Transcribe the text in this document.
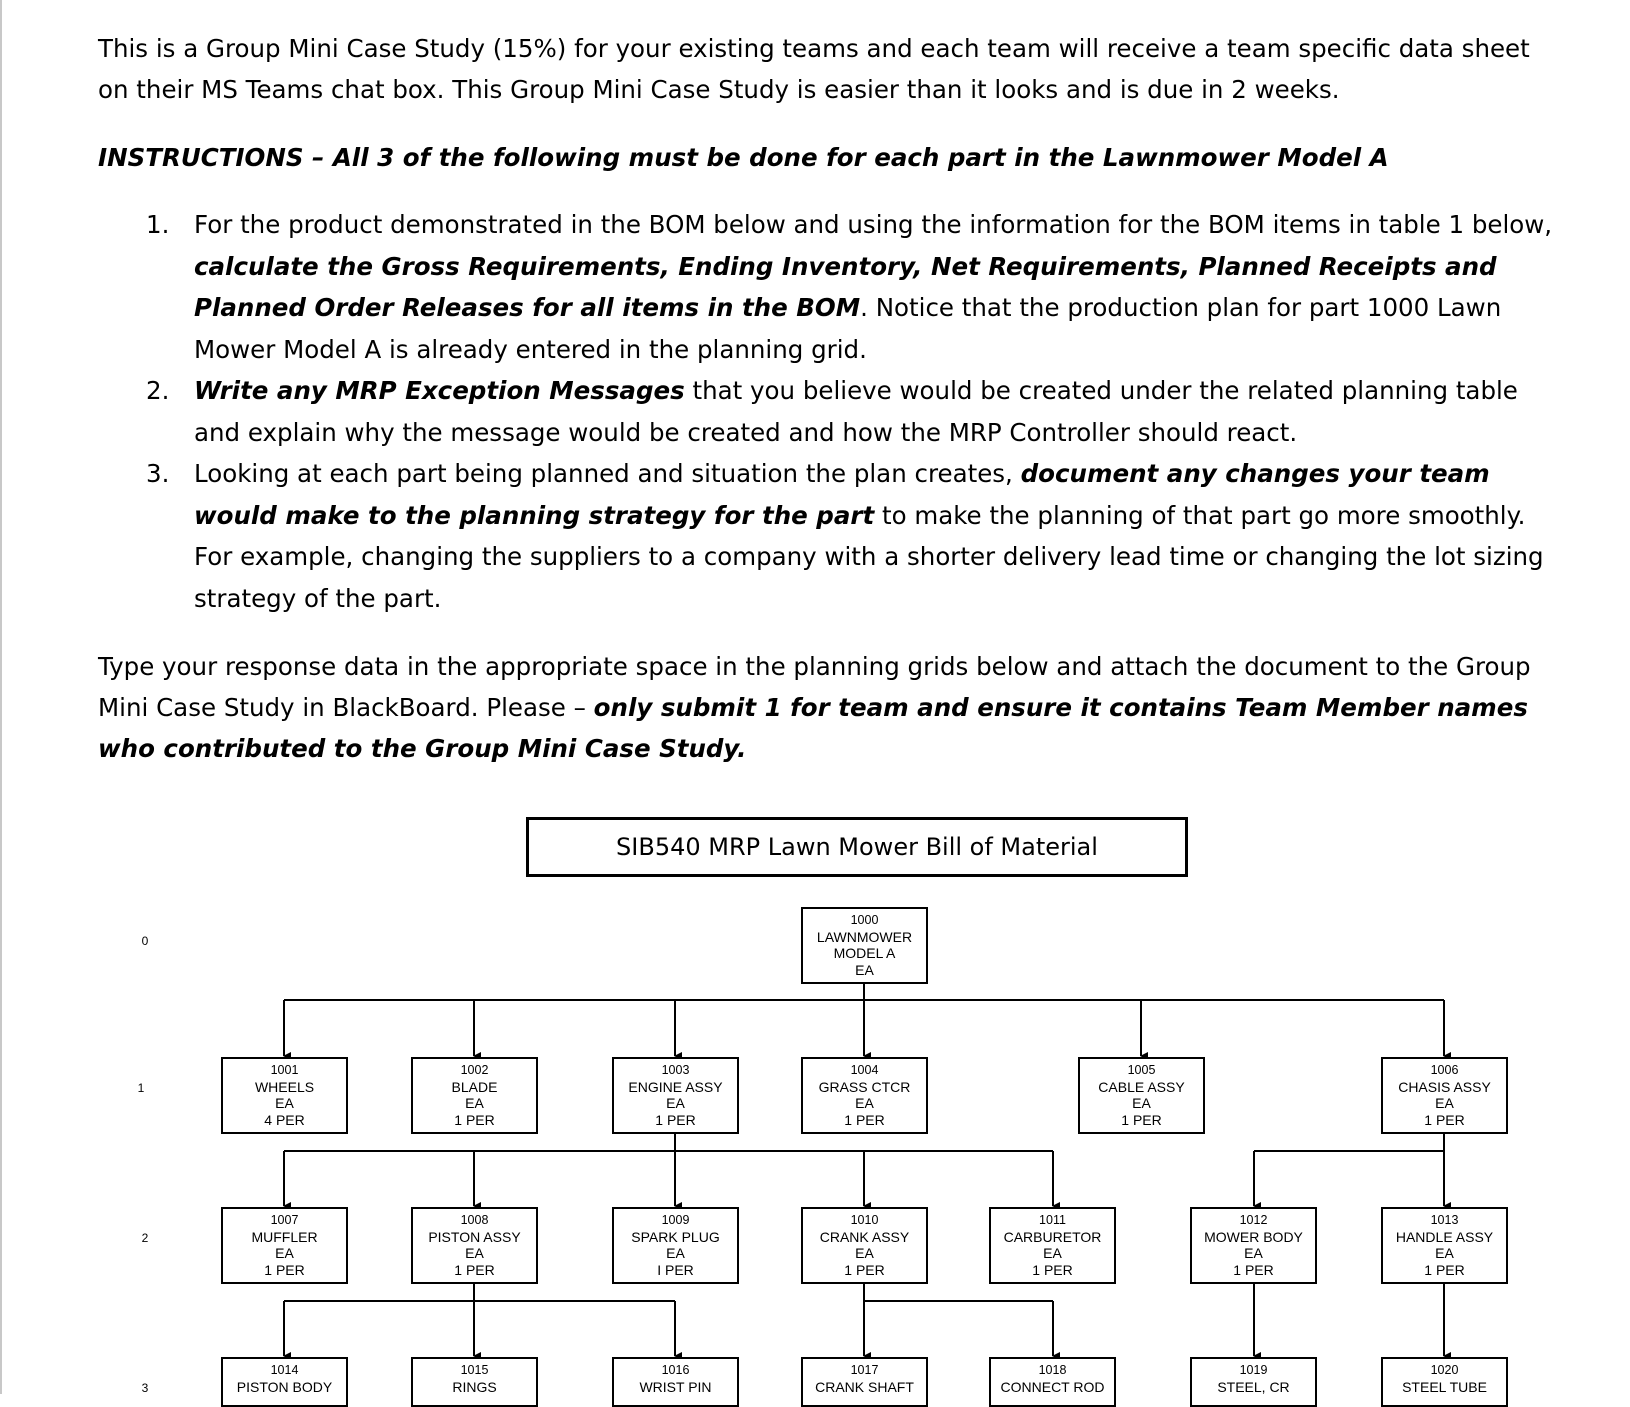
This is a Group Mini Case Study (15%) for your existing teams and each team will receive a team specific data sheet on their MS Teams chat box. This Group Mini Case Study is easier than it looks and is due in 2 weeks.

INSTRUCTIONS – All 3 of the following must be done for each part in the Lawnmower Model A

1. For the product demonstrated in the BOM below and using the information for the BOM items in table 1 below, calculate the Gross Requirements, Ending Inventory, Net Requirements, Planned Receipts and Planned Order Releases for all items in the BOM. Notice that the production plan for part 1000 Lawn Mower Model A is already entered in the planning grid.
2. Write any MRP Exception Messages that you believe would be created under the related planning table and explain why the message would be created and how the MRP Controller should react.
3. Looking at each part being planned and situation the plan creates, document any changes your team would make to the planning strategy for the part to make the planning of that part go more smoothly. For example, changing the suppliers to a company with a shorter delivery lead time or changing the lot sizing strategy of the part.

Type your response data in the appropriate space in the planning grids below and attach the document to the Group Mini Case Study in BlackBoard. Please – only submit 1 for team and ensure it contains Team Member names who contributed to the Group Mini Case Study.

SIB540 MRP Lawn Mower Bill of Material
0
1
2
3
1000
LAWNMOWER
MODEL A
EA
1001
WHEELS
EA
4 PER
1002
BLADE
EA
1 PER
1003
ENGINE ASSY
EA
1 PER
1004
GRASS CTCR
EA
1 PER
1005
CABLE ASSY
EA
1 PER
1006
CHASIS ASSY
EA
1 PER
1007
MUFFLER
EA
1 PER
1008
PISTON ASSY
EA
1 PER
1009
SPARK PLUG
EA
I PER
1010
CRANK ASSY
EA
1 PER
1011
CARBURETOR
EA
1 PER
1012
MOWER BODY
EA
1 PER
1013
HANDLE ASSY
EA
1 PER
1014
PISTON BODY
1015
RINGS
1016
WRIST PIN
1017
CRANK SHAFT
1018
CONNECT ROD
1019
STEEL, CR
1020
STEEL TUBE
